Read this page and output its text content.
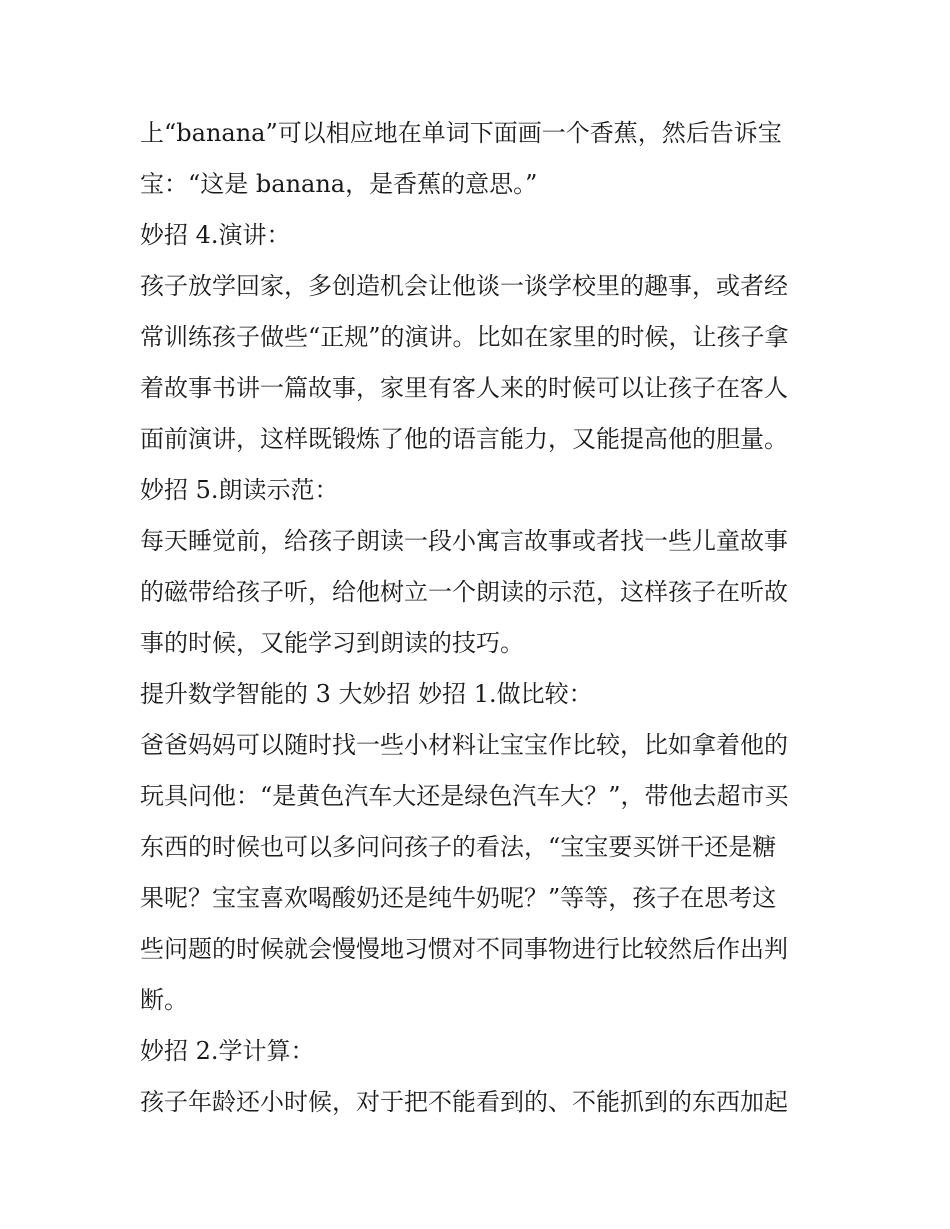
上“banana”可以相应地在单词下面画一个香蕉，然后告诉宝
宝：“这是 banana，是香蕉的意思。”
妙招 4.演讲：
孩子放学回家，多创造机会让他谈一谈学校里的趣事，或者经
常训练孩子做些“正规”的演讲。比如在家里的时候，让孩子拿
着故事书讲一篇故事，家里有客人来的时候可以让孩子在客人
面前演讲，这样既锻炼了他的语言能力，又能提高他的胆量。
妙招 5.朗读示范：
每天睡觉前，给孩子朗读一段小寓言故事或者找一些儿童故事
的磁带给孩子听，给他树立一个朗读的示范，这样孩子在听故
事的时候，又能学习到朗读的技巧。
提升数学智能的 3 大妙招 妙招 1.做比较：
爸爸妈妈可以随时找一些小材料让宝宝作比较，比如拿着他的
玩具问他：“是黄色汽车大还是绿色汽车大？”，带他去超市买
东西的时候也可以多问问孩子的看法，“宝宝要买饼干还是糖
果呢？宝宝喜欢喝酸奶还是纯牛奶呢？”等等，孩子在思考这
些问题的时候就会慢慢地习惯对不同事物进行比较然后作出判
断。
妙招 2.学计算：
孩子年龄还小时候，对于把不能看到的、不能抓到的东西加起
